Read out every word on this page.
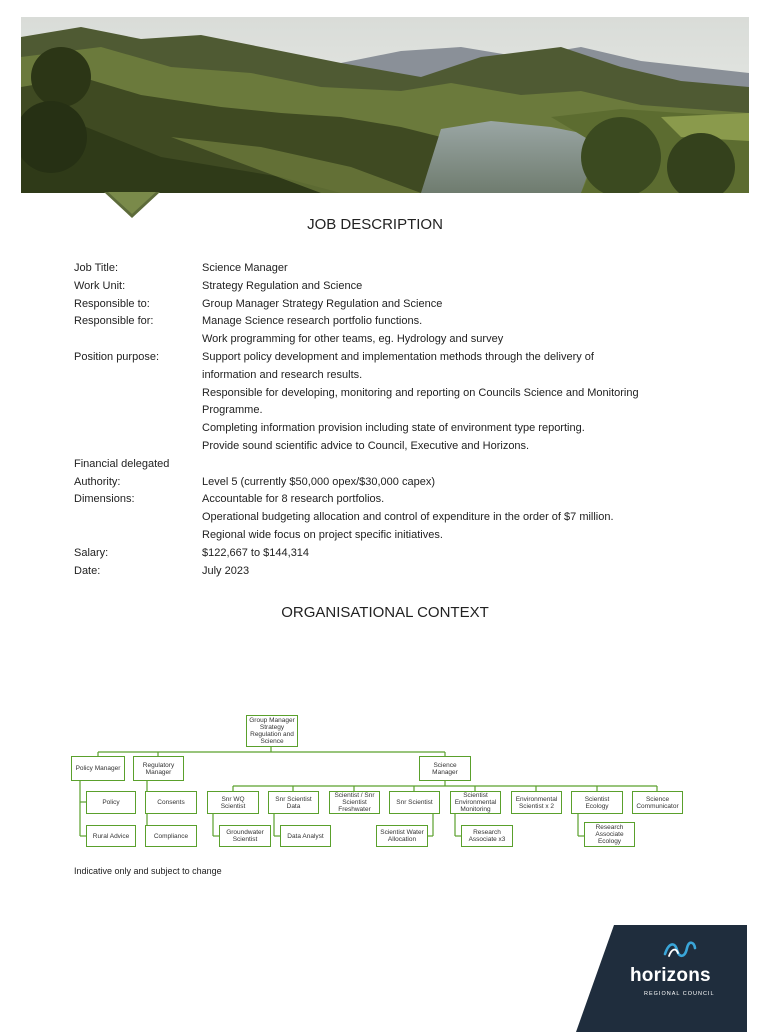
JOB DESCRIPTION
Job Title:	Science Manager
Work Unit:	Strategy Regulation and Science
Responsible to:	Group Manager Strategy Regulation and Science
Responsible for:	Manage Science research portfolio functions.
Work programming for other teams, eg. Hydrology and survey
Position purpose:	Support policy development and implementation methods through the delivery of
information and research results.
Responsible for developing, monitoring and reporting on Councils Science and Monitoring
Programme.
Completing information provision including state of environment type reporting.
Provide sound scientific advice to Council, Executive and Horizons.
Financial delegated
Authority:	Level 5 (currently $50,000 opex/$30,000 capex)
Dimensions:	Accountable for 8 research portfolios.
Operational budgeting allocation and control of expenditure in the order of $7 million.
Regional wide focus on project specific initiatives.
Salary:	$122,667 to $144,314
Date:	July 2023
ORGANISATIONAL CONTEXT
Group Manager Strategy Regulation and Science
Policy Manager
Policy
Rural Advice
Regulatory Manager
Consents
Compliance
Science Manager
Snr WQ Scientist
Groundwater Scientist
Snr Scientist Data
Data Analyst
Scientist / Snr Scientist Freshwater
Scientist Water Allocation
Snr Scientist
Scientist Environmental Monitoring
Research Associate x3
Environmental Scientist x 2
Scientist Ecology
Research Associate Ecology
Science Communicator
Indicative only and subject to change
horizons
REGIONAL COUNCIL
